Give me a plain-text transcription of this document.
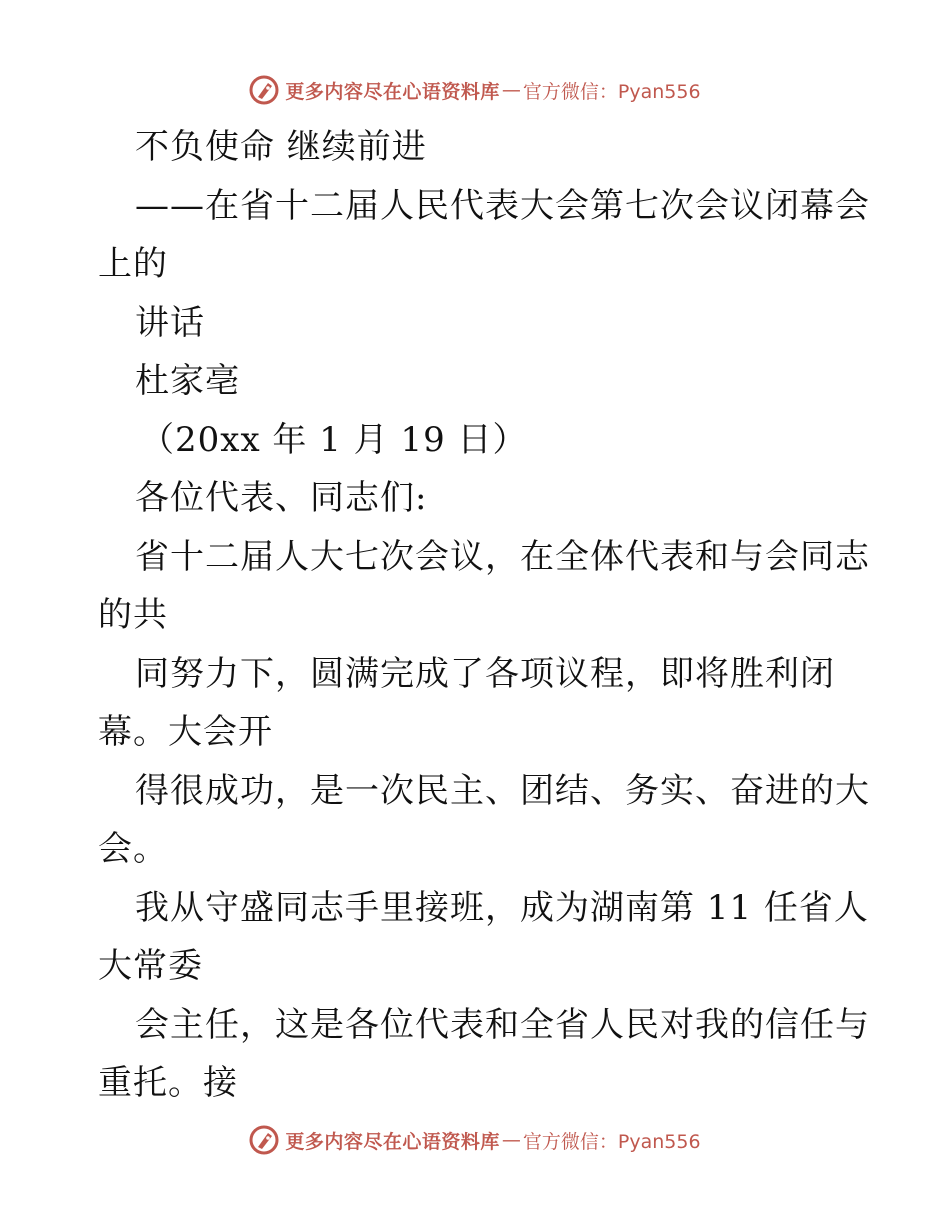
更多内容尽在心语资料库 — 官方微信：Pyan556
不负使命 继续前进
——在省十二届人民代表大会第七次会议闭幕会
上的
讲话
杜家亳
（20xx 年 1 月 19 日）
各位代表、同志们:
省十二届人大七次会议，在全体代表和与会同志
的共
同努力下，圆满完成了各项议程，即将胜利闭
幕。大会开
得很成功，是一次民主、团结、务实、奋进的大
会。
我从守盛同志手里接班，成为湖南第 11 任省人
大常委
会主任，这是各位代表和全省人民对我的信任与
重托。接
更多内容尽在心语资料库 — 官方微信：Pyan556
